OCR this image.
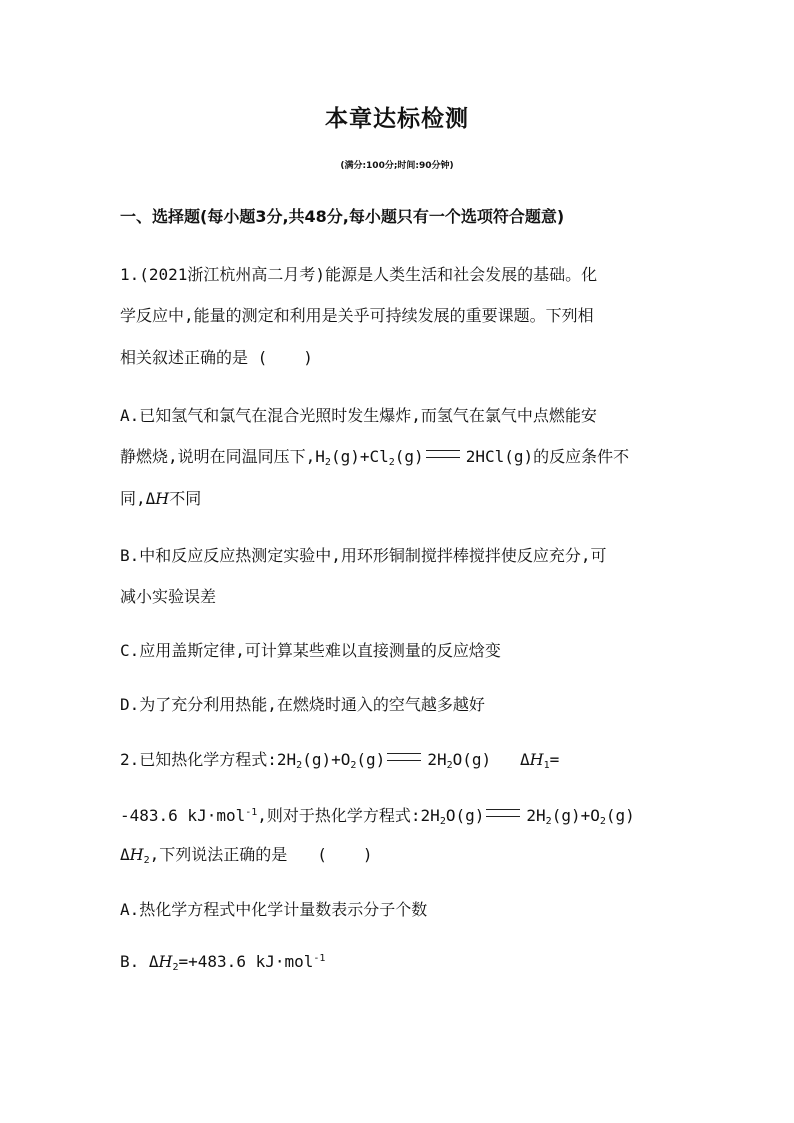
本章达标检测
(满分:100分;时间:90分钟)
一、选择题(每小题3分,共48分,每小题只有一个选项符合题意)
1.(2021浙江杭州高二月考)能源是人类生活和社会发展的基础。化
学反应中,能量的测定和利用是关乎可持续发展的重要课题。下列相
相关叙述正确的是 ( )
A.已知氢气和氯气在混合光照时发生爆炸,而氢气在氯气中点燃能安
静燃烧,说明在同温同压下$,H_2(g)+Cl_2(g)$	2HCl(g)的反应条件不
同,ΔH不同
B.中和反应反应热测定实验中,用环形铜制搅拌棒搅拌使反应充分,可
减小实验误差
C.应用盖斯定律,可计算某些难以直接测量的反应焓变
D.为了充分利用热能,在燃烧时通入的空气越多越好
2.已知热化学方程式$:2H_2(g)+O_2(g)$	$2H_2O(g)$   $\Delta H_1=$
-483.6 kJ·mol$^{-1}$,则对于热化学方程式$:2H_2O(g)$	$2H_2(g)+O_2(g)$
$\Delta H_2$,下列说法正确的是 ( )
A.热化学方程式中化学计量数表示分子个数
B. $\Delta H_2=+483.6$ kJ·mol$^{-1}$
